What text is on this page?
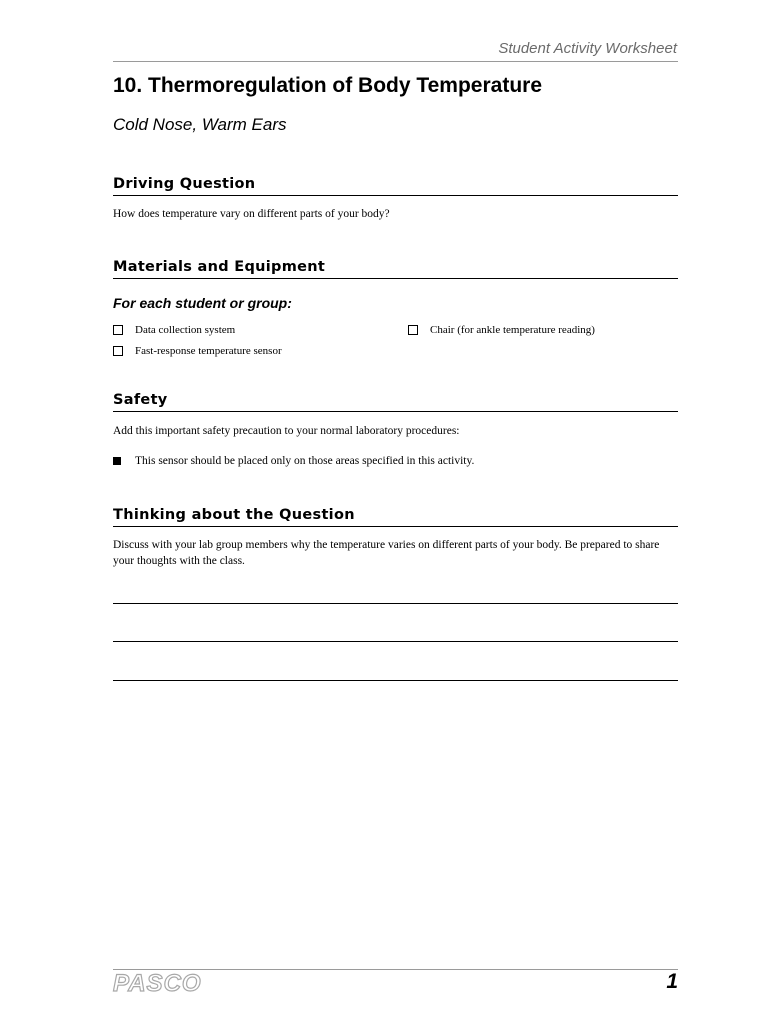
Student Activity Worksheet
10. Thermoregulation of Body Temperature
Cold Nose, Warm Ears
Driving Question
How does temperature vary on different parts of your body?
Materials and Equipment
For each student or group:
Data collection system
Fast-response temperature sensor
Chair (for ankle temperature reading)
Safety
Add this important safety precaution to your normal laboratory procedures:
This sensor should be placed only on those areas specified in this activity.
Thinking about the Question
Discuss with your lab group members why the temperature varies on different parts of your body. Be prepared to share your thoughts with the class.
PASCO	1
